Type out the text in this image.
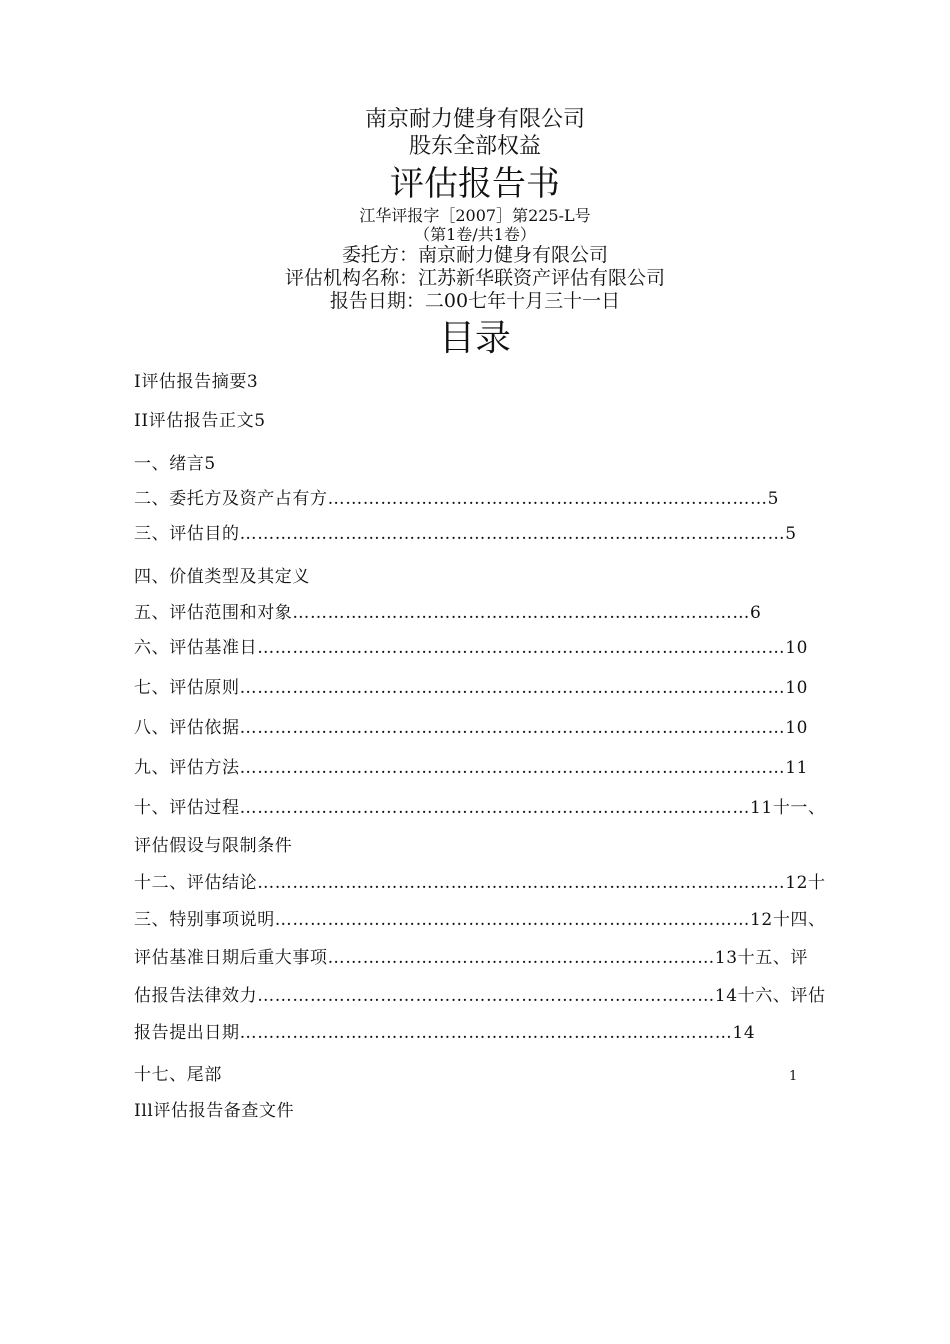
南京耐力健身有限公司
股东全部权益
评估报告书
江华评报字［2007］第225-L号
（第1卷/共1卷）
委托方：南京耐力健身有限公司
评估机构名称：江苏新华联资产评估有限公司
报告日期：二00七年十月三十一日
目录
I评估报告摘要3
II评估报告正文5
一、绪言5
二、委托方及资产占有方…………………………………………………………………5
三、评估目的…………………………………………………………………………………5
四、价值类型及其定义
五、评估范围和对象……………………………………………………………………6
六、评估基准日………………………………………………………………………………10
七、评估原则…………………………………………………………………………………10
八、评估依据…………………………………………………………………………………10
九、评估方法…………………………………………………………………………………11
十、评估过程……………………………………………………………………………11十一、
评估假设与限制条件
十二、评估结论………………………………………………………………………………12十
三、特别事项说明………………………………………………………………………12十四、
评估基准日期后重大事项…………………………………………………………13十五、评
估报告法律效力……………………………………………………………………14十六、评估
报告提出日期…………………………………………………………………………14
十七、尾部
Ill评估报告备查文件
1
